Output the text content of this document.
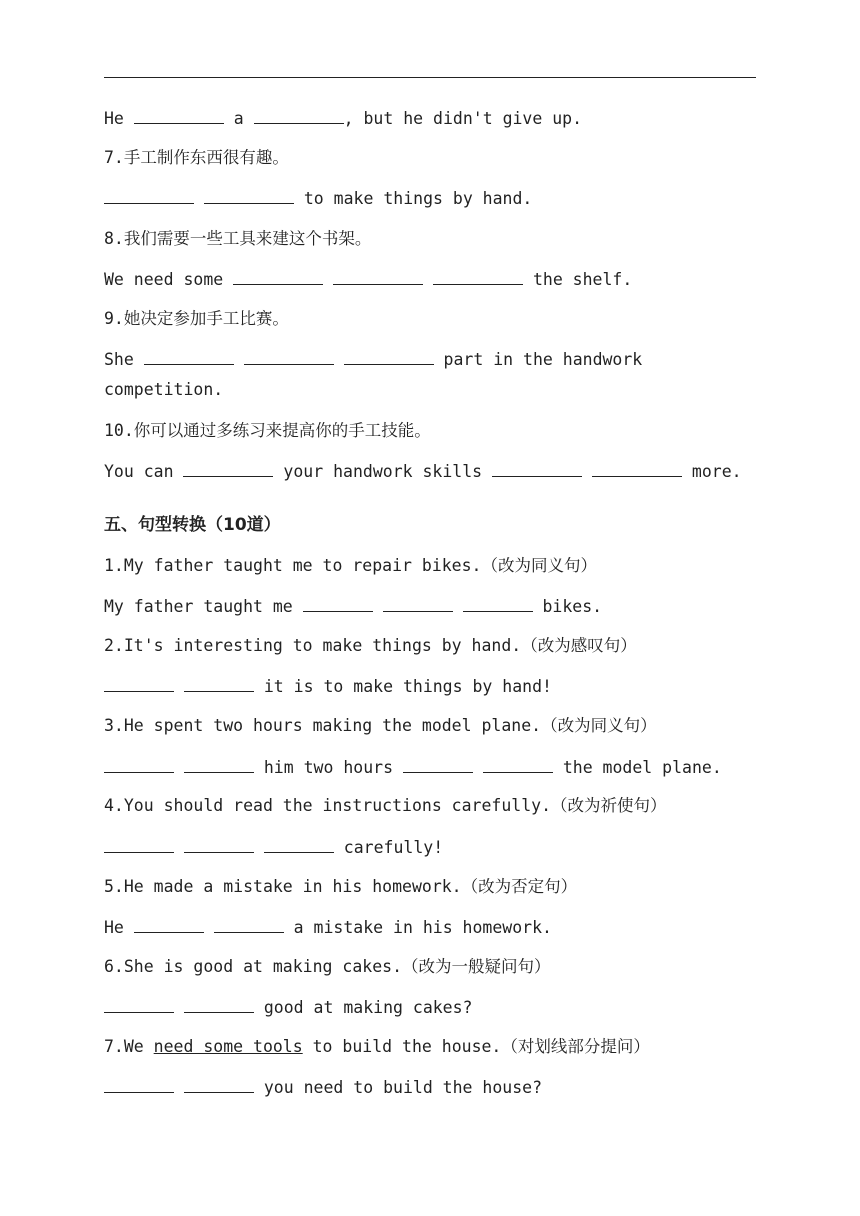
He	a	, but he didn't give up.
7.手工制作东西很有趣。
to make things by hand.
8.我们需要一些工具来建这个书架。
We need some	the shelf.
9.她决定参加手工比赛。
She	part in the handwork
competition.
10.你可以通过多练习来提高你的手工技能。
You can	your handwork skills	more.
五、句型转换（10道）
1.My father taught me to repair bikes.（改为同义句）
My father taught me	bikes.
2.It's interesting to make things by hand.（改为感叹句）
it is to make things by hand!
3.He spent two hours making the model plane.（改为同义句）
him two hours	the model plane.
4.You should read the instructions carefully.（改为祈使句）
carefully!
5.He made a mistake in his homework.（改为否定句）
He	a mistake in his homework.
6.She is good at making cakes.（改为一般疑问句）
good at making cakes?
7.We need some tools to build the house.（对划线部分提问）
you need to build the house?
